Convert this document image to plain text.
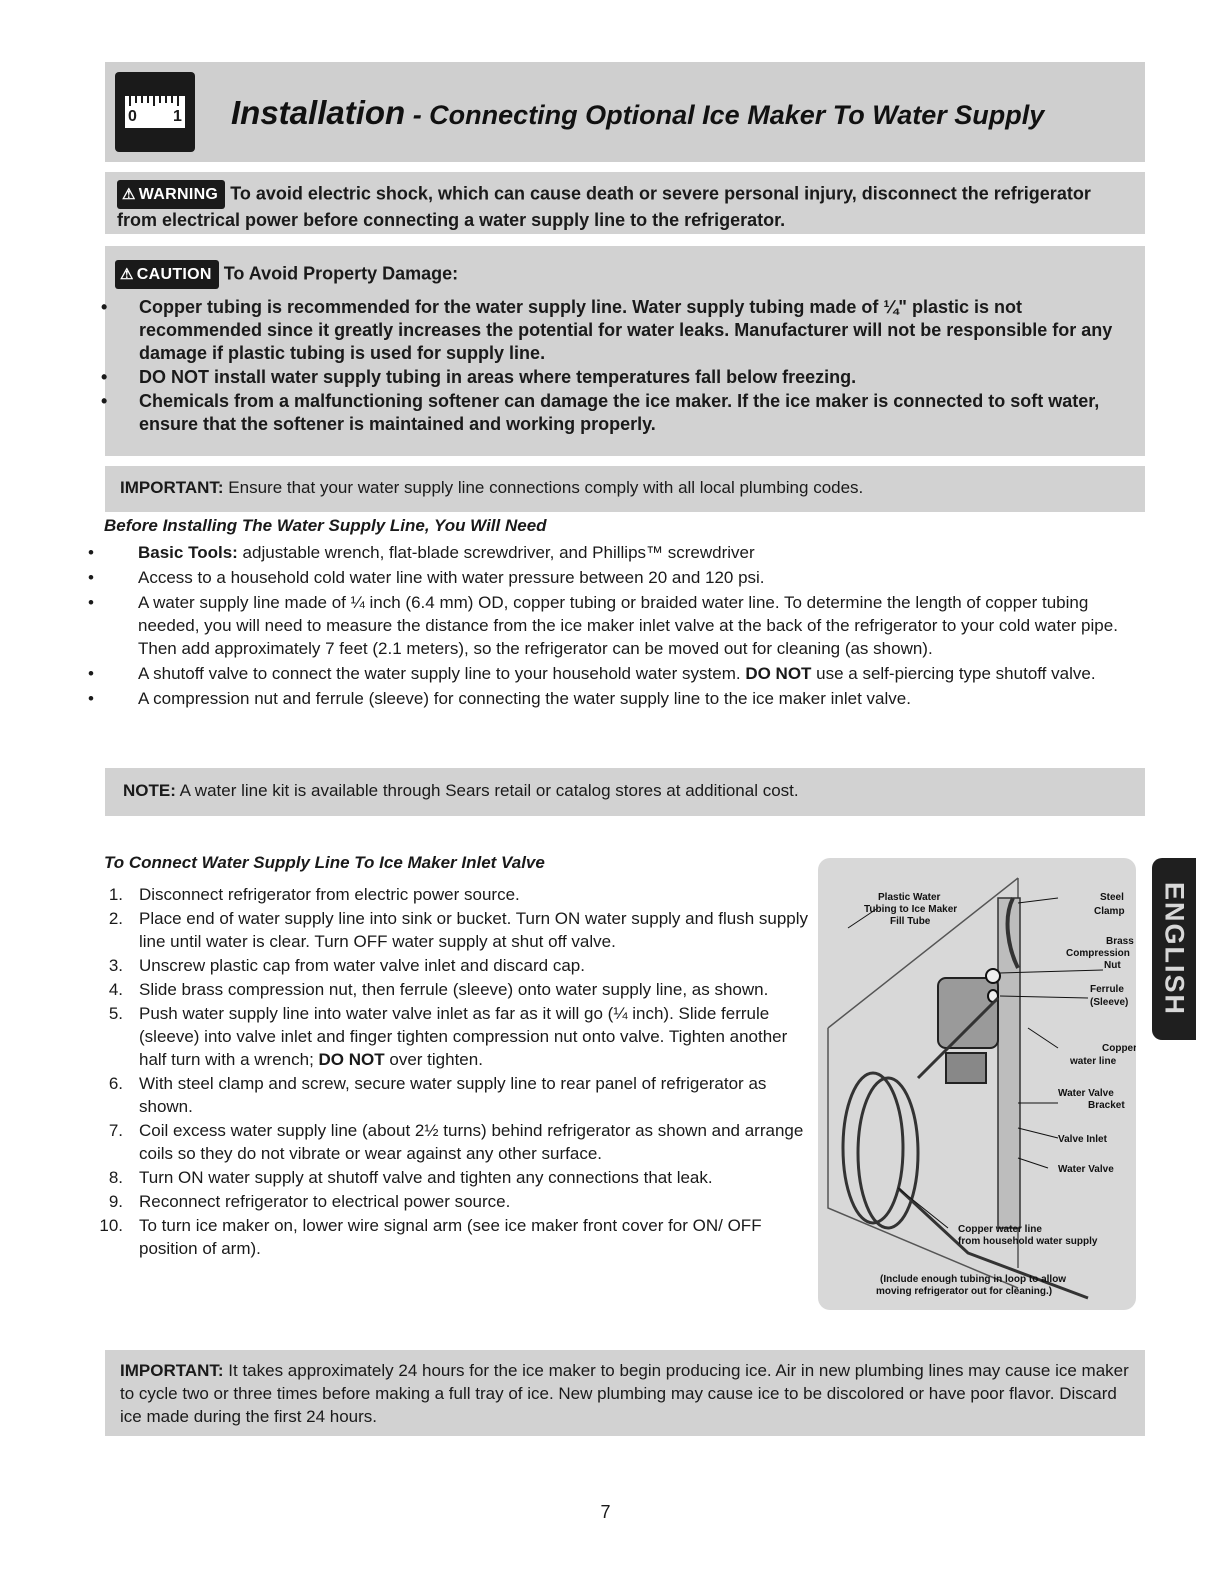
0 1 Installation - Connecting Optional Ice Maker To Water Supply

⚠ WARNING To avoid electric shock, which can cause death or severe personal injury, disconnect the refrigerator from electrical power before connecting a water supply line to the refrigerator.

⚠ CAUTION To Avoid Property Damage:
• Copper tubing is recommended for the water supply line. Water supply tubing made of ¼" plastic is not recommended since it greatly increases the potential for water leaks. Manufacturer will not be responsible for any damage if plastic tubing is used for supply line.
• DO NOT install water supply tubing in areas where temperatures fall below freezing.
• Chemicals from a malfunctioning softener can damage the ice maker. If the ice maker is connected to soft water, ensure that the softener is maintained and working properly.
IMPORTANT: Ensure that your water supply line connections comply with all local plumbing codes.
Before Installing The Water Supply Line, You Will Need
• Basic Tools: adjustable wrench, flat-blade screwdriver, and Phillips™ screwdriver
• Access to a household cold water line with water pressure between 20 and 120 psi.
• A water supply line made of ¼ inch (6.4 mm) OD, copper tubing or braided water line. To determine the length of copper tubing needed, you will need to measure the distance from the ice maker inlet valve at the back of the refrigerator to your cold water pipe. Then add approximately 7 feet (2.1 meters), so the refrigerator can be moved out for cleaning (as shown).
• A shutoff valve to connect the water supply line to your household water system. DO NOT use a self-piercing type shutoff valve.
• A compression nut and ferrule (sleeve) for connecting the water supply line to the ice maker inlet valve.
NOTE: A water line kit is available through Sears retail or catalog stores at additional cost.
To Connect Water Supply Line To Ice Maker Inlet Valve
1. Disconnect refrigerator from electric power source.
2. Place end of water supply line into sink or bucket. Turn ON water supply and flush supply line until water is clear. Turn OFF water supply at shut off valve.
3. Unscrew plastic cap from water valve inlet and discard cap.
4. Slide brass compression nut, then ferrule (sleeve) onto water supply line, as shown.
5. Push water supply line into water valve inlet as far as it will go (¼ inch). Slide ferrule (sleeve) into valve inlet and finger tighten compression nut onto valve. Tighten another half turn with a wrench; DO NOT over tighten.
6. With steel clamp and screw, secure water supply line to rear panel of refrigerator as shown.
7. Coil excess water supply line (about 2½ turns) behind refrigerator as shown and arrange coils so they do not vibrate or wear against any other surface.
8. Turn ON water supply at shutoff valve and tighten any connections that leak.
9. Reconnect refrigerator to electrical power source.
10. To turn ice maker on, lower wire signal arm (see ice maker front cover for ON/ OFF position of arm).
Plastic Water
Tubing to Ice Maker
Fill Tube
Steel
Clamp
Brass
Compression
Nut
Ferrule
(Sleeve)
Copper
water line
Water Valve
Bracket
Valve Inlet
Water Valve
Copper water line
from household water supply
(Include enough tubing in loop to allow
moving refrigerator out for cleaning.)
ENGLISH
IMPORTANT: It takes approximately 24 hours for the ice maker to begin producing ice. Air in new plumbing lines may cause ice maker to cycle two or three times before making a full tray of ice. New plumbing may cause ice to be discolored or have poor flavor. Discard ice made during the first 24 hours.
7
